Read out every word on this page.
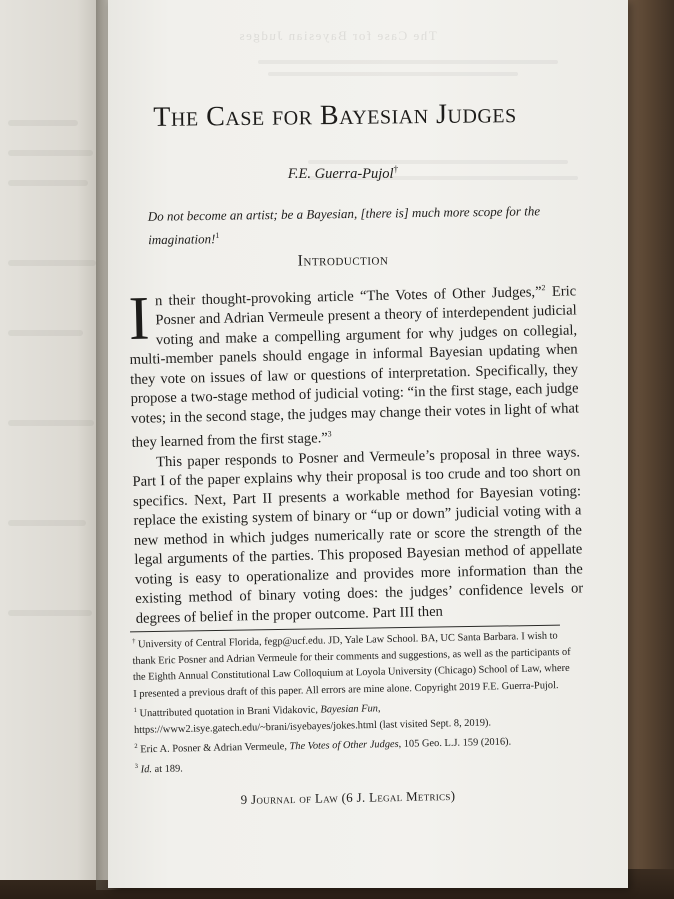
The Case for Bayesian Judges
The Case for Bayesian Judges
F.E. Guerra-Pujol†
Do not become an artist; be a Bayesian, [there is] much more scope for the imagination!$^1$
Introduction

In their thought-provoking article “The Votes of Other Judges,”$^2$ Eric Posner and Adrian Vermeule present a theory of interdependent judicial voting and make a compelling argument for why judges on collegial, multi-member panels should engage in informal Bayesian updating when they vote on issues of law or questions of interpretation. Specifically, they propose a two-stage method of judicial voting: “in the first stage, each judge votes; in the second stage, the judges may change their votes in light of what they learned from the first stage.”$^3$

This paper responds to Posner and Vermeule’s proposal in three ways. Part I of the paper explains why their proposal is too crude and too short on specifics. Next, Part II presents a workable method for Bayesian voting: replace the existing system of binary or “up or down” judicial voting with a new method in which judges numerically rate or score the strength of the legal arguments of the parties. This proposed Bayesian method of appellate voting is easy to operationalize and provides more information than the existing method of binary voting does: the judges’ confidence levels or degrees of belief in the proper outcome. Part III then

† University of Central Florida, fegp@ucf.edu. JD, Yale Law School. BA, UC Santa Barbara. I wish to thank Eric Posner and Adrian Vermeule for their comments and suggestions, as well as the participants of the Eighth Annual Constitutional Law Colloquium at Loyola University (Chicago) School of Law, where I presented a previous draft of this paper. All errors are mine alone. Copyright 2019 F.E. Guerra-Pujol.

$^1$ Unattributed quotation in Brani Vidakovic, Bayesian Fun, https://www2.isye.gatech.edu/~brani/isyebayes/jokes.html (last visited Sept. 8, 2019).

$^2$ Eric A. Posner & Adrian Vermeule, The Votes of Other Judges, 105 Geo. L.J. 159 (2016).

$^3$ Id. at 189.

9 Journal of Law (6 J. Legal Metrics)
